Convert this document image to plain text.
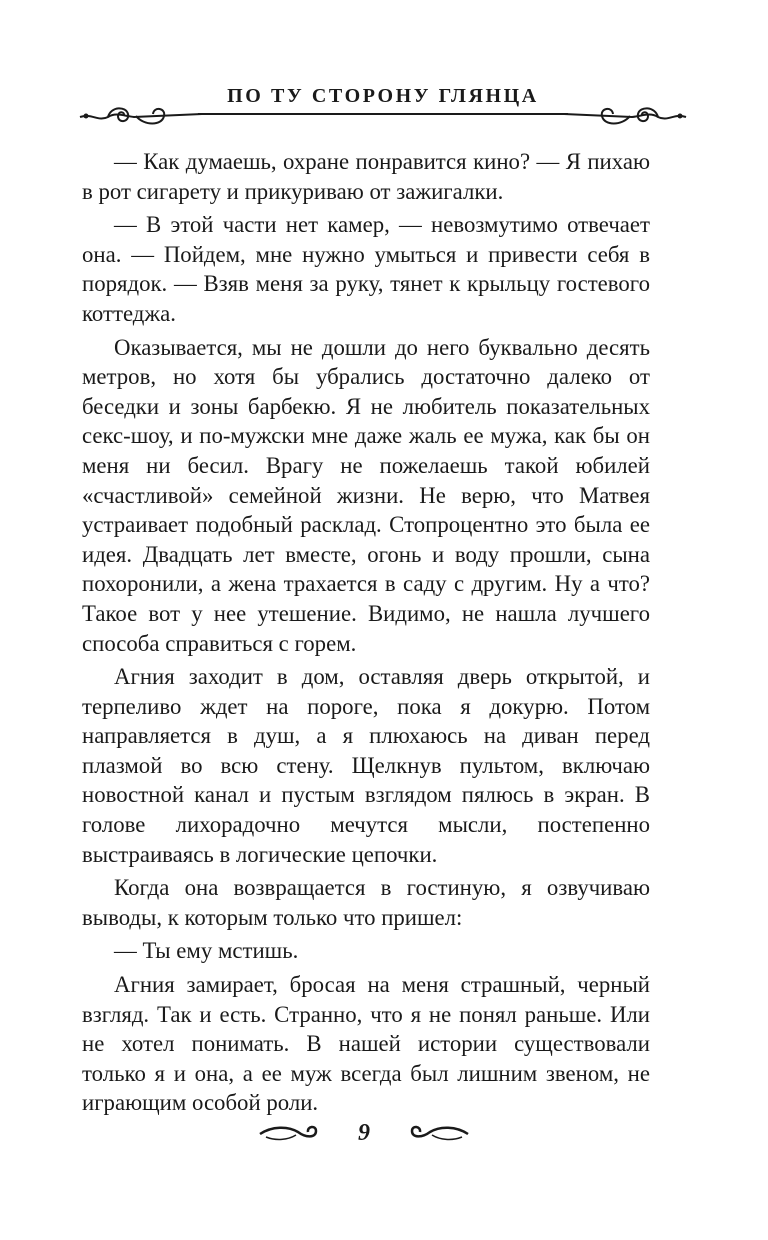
ПО ТУ СТОРОНУ ГЛЯНЦА

— Как думаешь, охране понравится кино? — Я пихаю в рот сигарету и прикуриваю от зажигалки.

— В этой части нет камер, — невозмутимо отвечает она. — Пойдем, мне нужно умыться и привести себя в порядок. — Взяв меня за руку, тянет к крыльцу гостевого коттеджа.

Оказывается, мы не дошли до него буквально десять метров, но хотя бы убрались достаточно далеко от беседки и зоны барбекю. Я не любитель показательных секс-шоу, и по-мужски мне даже жаль ее мужа, как бы он меня ни бесил. Врагу не пожелаешь такой юбилей «счастливой» семейной жизни. Не верю, что Матвея устраивает подобный расклад. Стопроцентно это была ее идея. Двадцать лет вместе, огонь и воду прошли, сына похоронили, а жена трахается в саду с другим. Ну а что? Такое вот у нее утешение. Видимо, не нашла лучшего способа справиться с горем.

Агния заходит в дом, оставляя дверь открытой, и терпеливо ждет на пороге, пока я докурю. Потом направляется в душ, а я плюхаюсь на диван перед плазмой во всю стену. Щелкнув пультом, включаю новостной канал и пустым взглядом пялюсь в экран. В голове лихорадочно мечутся мысли, постепенно выстраиваясь в логические цепочки.

Когда она возвращается в гостиную, я озвучиваю выводы, к которым только что пришел:

— Ты ему мстишь.

Агния замирает, бросая на меня страшный, черный взгляд. Так и есть. Странно, что я не понял раньше. Или не хотел понимать. В нашей истории существовали только я и она, а ее муж всегда был лишним звеном, не играющим особой роли.

9
